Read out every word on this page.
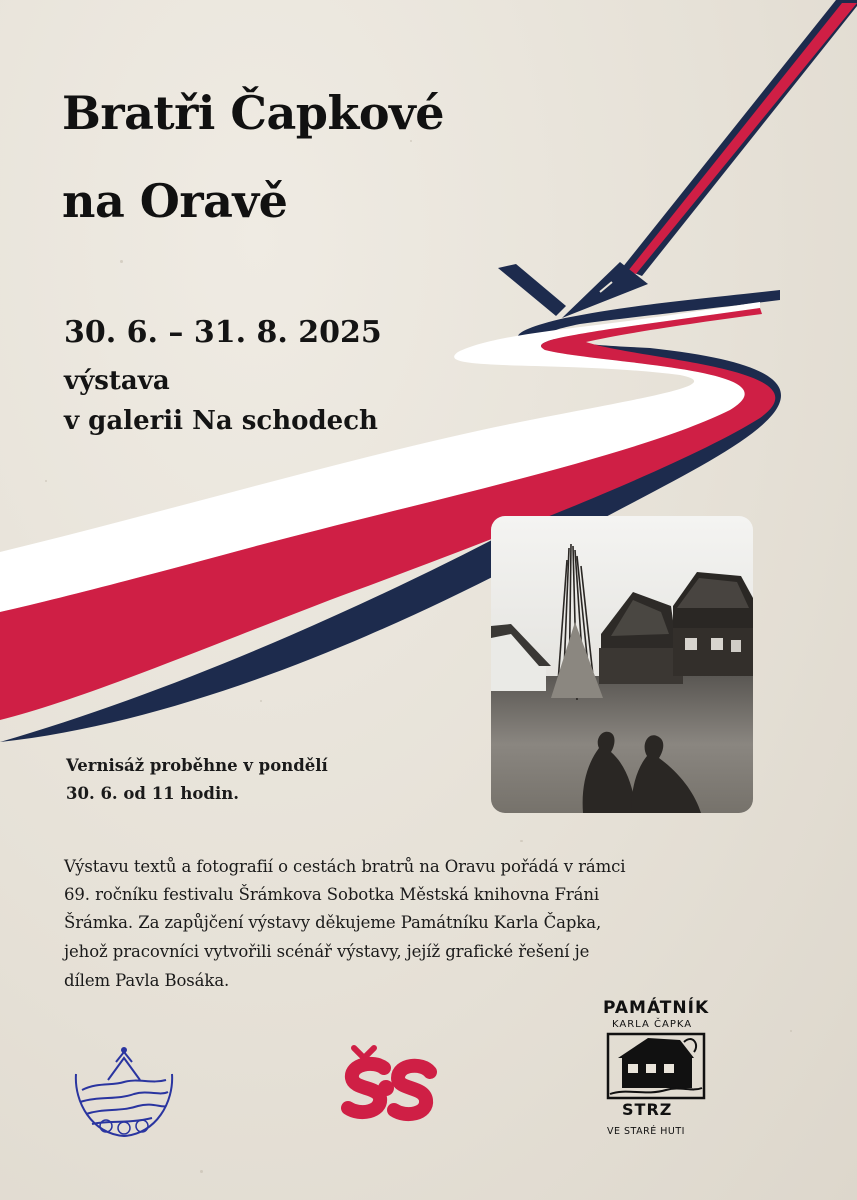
Bratři Čapkové
na Oravě

30. 6. – 31. 8. 2025

výstava

v galerii Na schodech

Vernisáž proběhne v pondělí

30. 6. od 11 hodin.

Výstavu textů a fotografií o cestách bratrů na Oravu pořádá v rámci

69. ročníku festivalu Šrámkova Sobotka Městská knihovna Fráni

Šrámka. Za zapůjčení výstavy děkujeme Památníku Karla Čapka,

jehož pracovníci vytvořili scénář výstavy, jejíž grafické řešení je

dílem Pavla Bosáka.

PAMÁTNÍK
KARLA ČAPKA
STRZ
VE STARÉ HUTI
